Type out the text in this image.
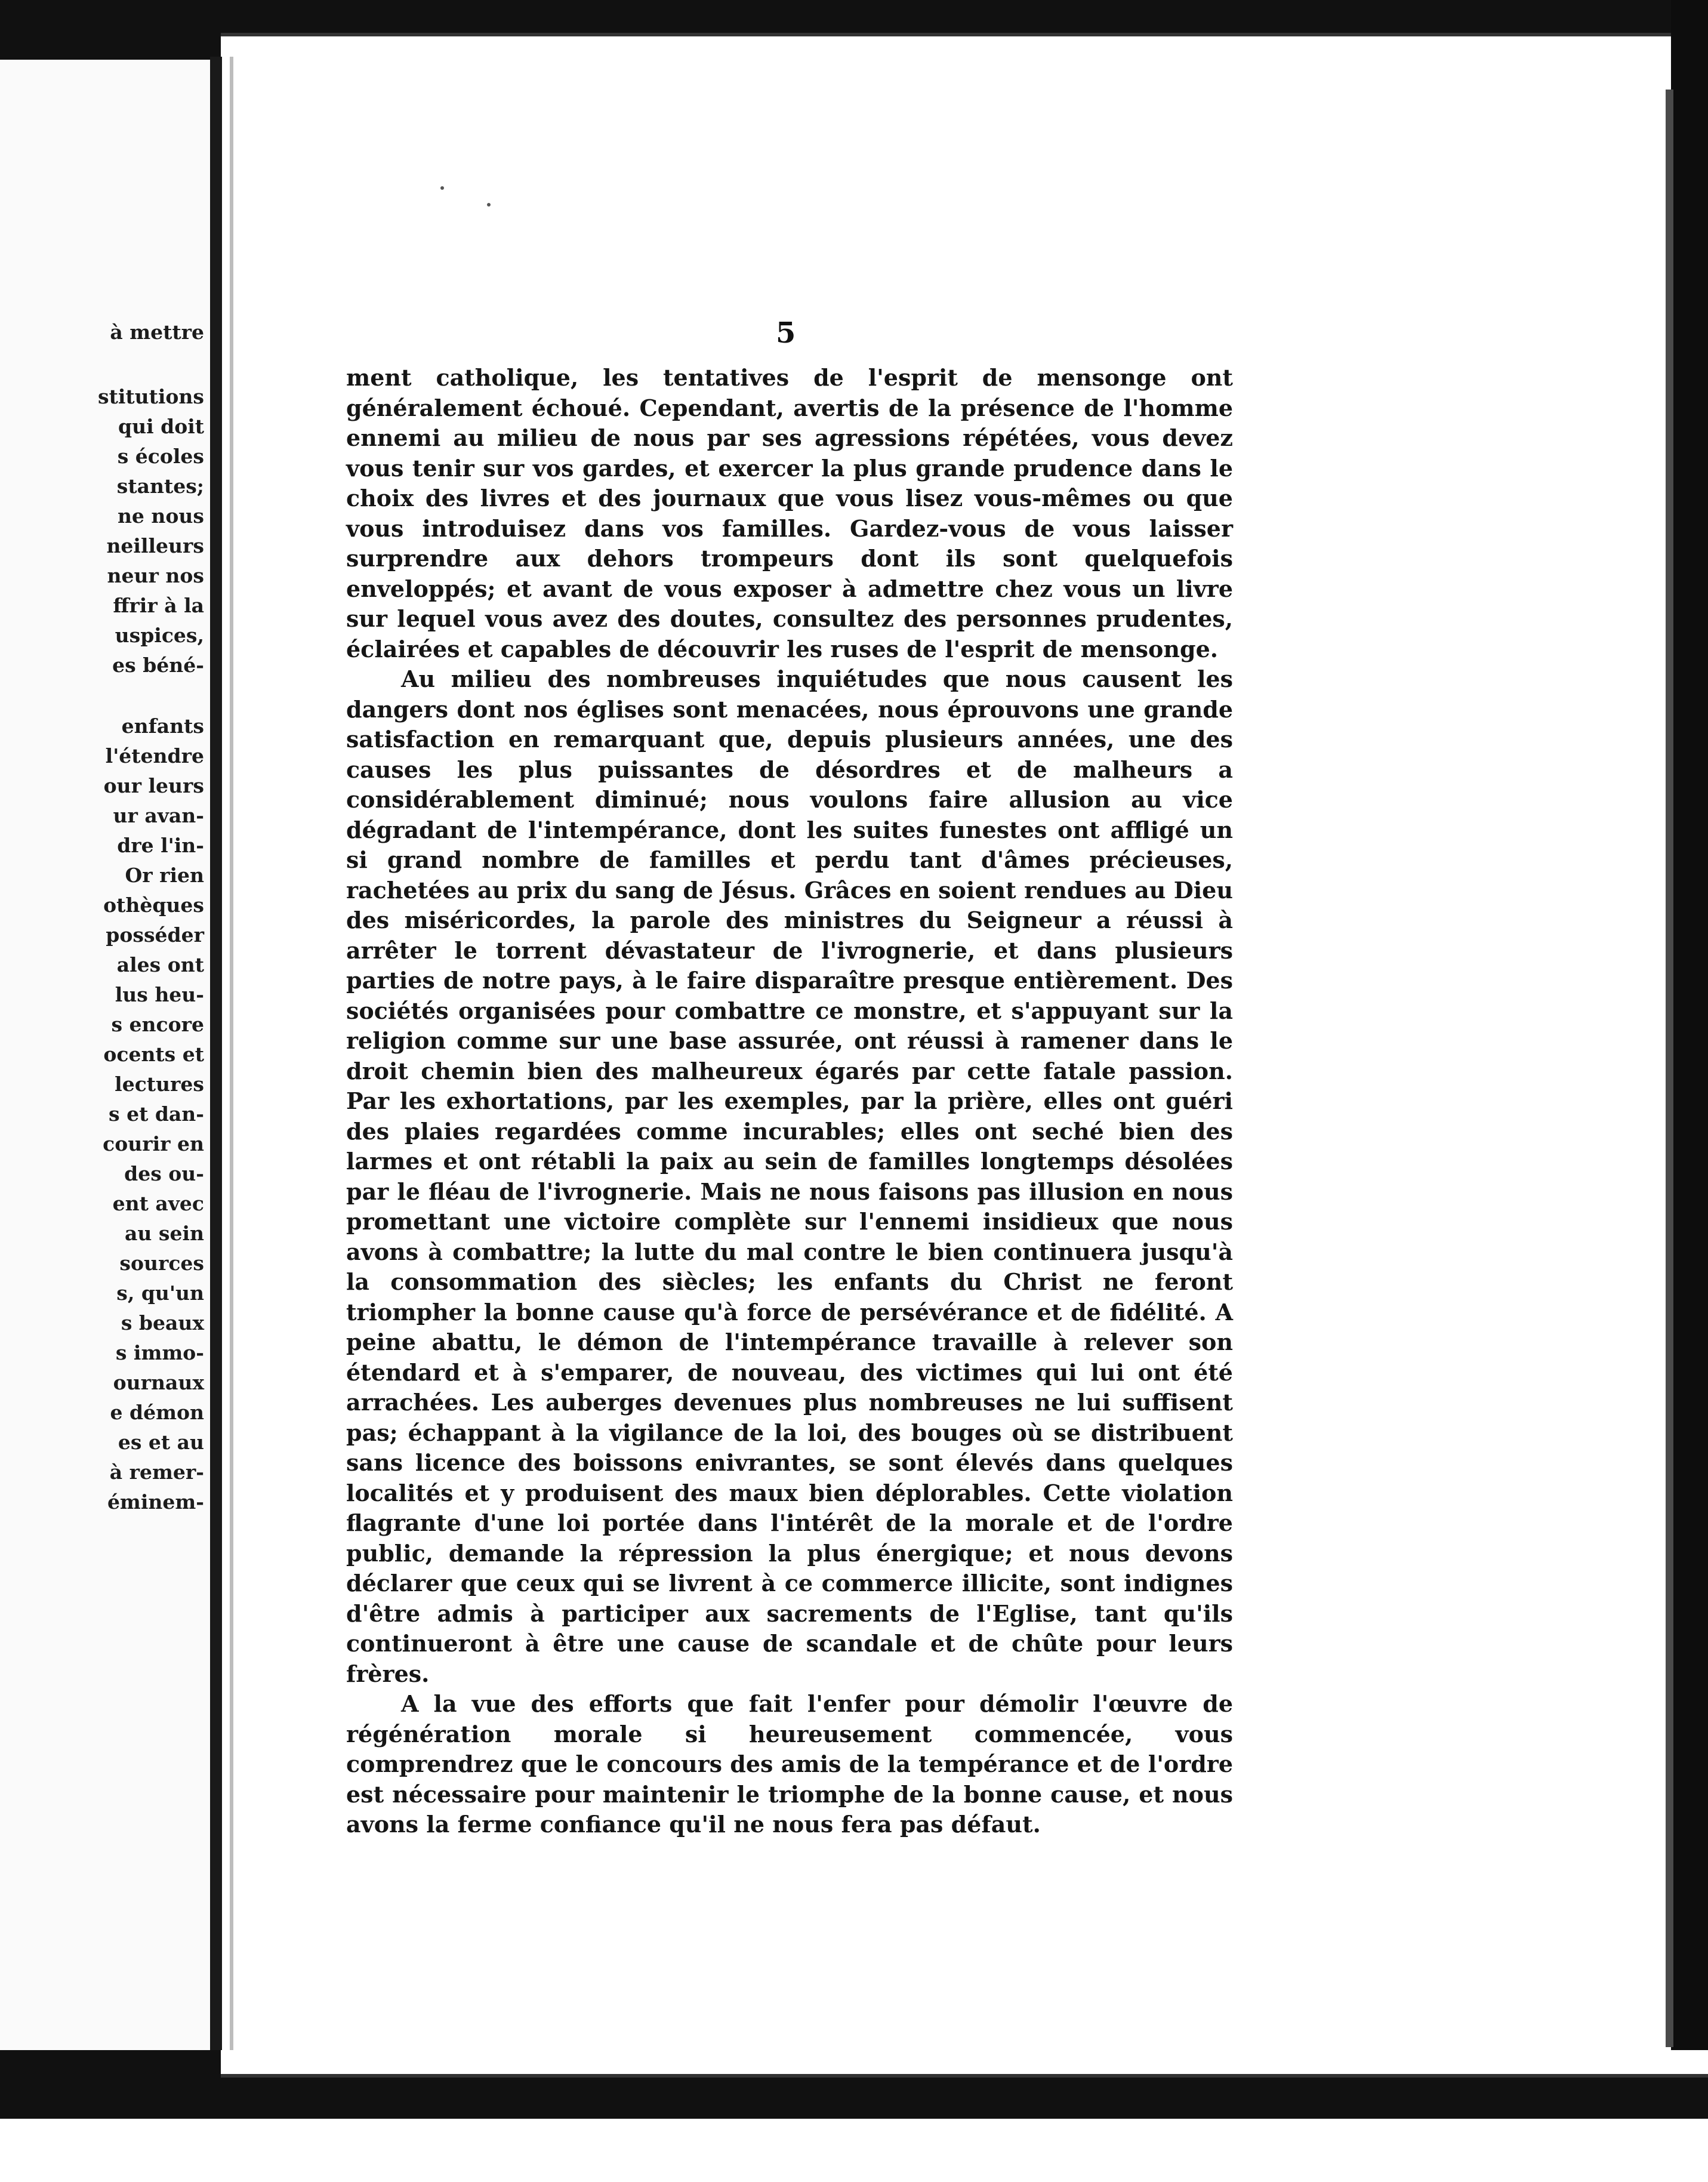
à mettre
stitutions
qui doit
s écoles
stantes;
ne nous
neilleurs
neur nos
ffrir à la
uspices,
es béné-
enfants
l'étendre
our leurs
ur avan-
dre l'in-
Or rien
othèques
posséder
ales ont
lus heu-
s encore
ocents et
lectures
s et dan-
courir en
des ou-
ent avec
au sein
sources
s, qu'un
s beaux
s immo-
ournaux
e démon
es et au
à remer-
éminem-
5

ment catholique, les tentatives de l'esprit de mensonge ont généralement échoué. Cependant, avertis de la présence de l'homme ennemi au milieu de nous par ses agressions répétées, vous devez vous tenir sur vos gardes, et exercer la plus grande prudence dans le choix des livres et des journaux que vous lisez vous-mêmes ou que vous introduisez dans vos familles. Gardez-vous de vous laisser surprendre aux dehors trompeurs dont ils sont quelquefois enveloppés; et avant de vous exposer à admettre chez vous un livre sur lequel vous avez des doutes, consultez des personnes prudentes, éclairées et capables de découvrir les ruses de l'esprit de mensonge.

Au milieu des nombreuses inquiétudes que nous causent les dangers dont nos églises sont menacées, nous éprouvons une grande satisfaction en remarquant que, depuis plusieurs années, une des causes les plus puissantes de désordres et de malheurs a considérablement diminué; nous voulons faire allusion au vice dégradant de l'intempérance, dont les suites funestes ont affligé un si grand nombre de familles et perdu tant d'âmes précieuses, rachetées au prix du sang de Jésus. Grâces en soient rendues au Dieu des miséricordes, la parole des ministres du Seigneur a réussi à arrêter le torrent dévastateur de l'ivrognerie, et dans plusieurs parties de notre pays, à le faire disparaître presque entièrement. Des sociétés organisées pour combattre ce monstre, et s'appuyant sur la religion comme sur une base assurée, ont réussi à ramener dans le droit chemin bien des malheureux égarés par cette fatale passion. Par les exhortations, par les exemples, par la prière, elles ont guéri des plaies regardées comme incurables; elles ont seché bien des larmes et ont rétabli la paix au sein de familles longtemps désolées par le fléau de l'ivrognerie. Mais ne nous faisons pas illusion en nous promettant une victoire complète sur l'ennemi insidieux que nous avons à combattre; la lutte du mal contre le bien continuera jusqu'à la consommation des siècles; les enfants du Christ ne feront triompher la bonne cause qu'à force de persévérance et de fidélité. A peine abattu, le démon de l'intempérance travaille à relever son étendard et à s'emparer, de nouveau, des victimes qui lui ont été arrachées. Les auberges devenues plus nombreuses ne lui suffisent pas; échappant à la vigilance de la loi, des bouges où se distribuent sans licence des boissons enivrantes, se sont élevés dans quelques localités et y produisent des maux bien déplorables. Cette violation flagrante d'une loi portée dans l'intérêt de la morale et de l'ordre public, demande la répression la plus énergique; et nous devons déclarer que ceux qui se livrent à ce commerce illicite, sont indignes d'être admis à participer aux sacrements de l'Eglise, tant qu'ils continueront à être une cause de scandale et de chûte pour leurs frères.

A la vue des efforts que fait l'enfer pour démolir l'œuvre de régénération morale si heureusement commencée, vous comprendrez que le concours des amis de la tempérance et de l'ordre est nécessaire pour maintenir le triomphe de la bonne cause, et nous avons la ferme confiance qu'il ne nous fera pas défaut.
